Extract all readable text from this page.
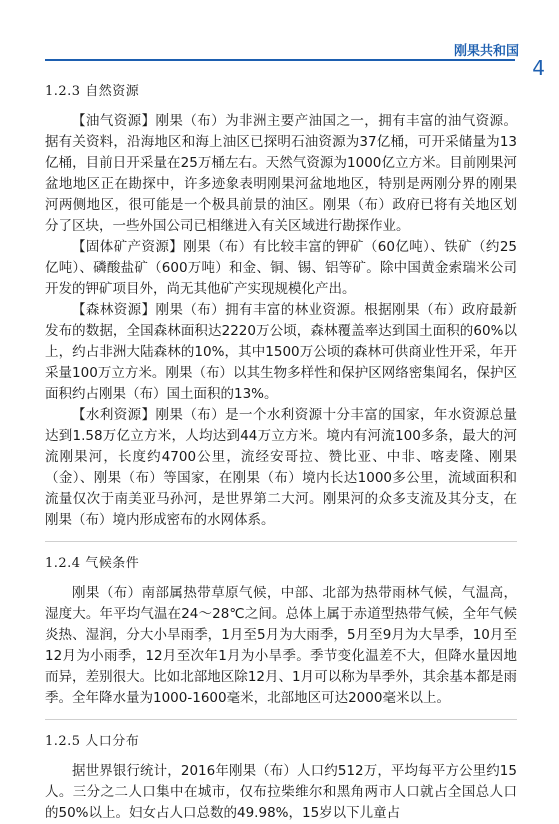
刚果共和国
4
1.2.3 自然资源

【油气资源】刚果（布）为非洲主要产油国之一，拥有丰富的油气资源。据有关资料，沿海地区和海上油区已探明石油资源为37亿桶，可开采储量为13亿桶，目前日开采量在25万桶左右。天然气资源为1000亿立方米。目前刚果河盆地地区正在勘探中，许多迹象表明刚果河盆地地区，特别是两刚分界的刚果河两侧地区，很可能是一个极具前景的油区。刚果（布）政府已将有关地区划分了区块，一些外国公司已相继进入有关区域进行勘探作业。

【固体矿产资源】刚果（布）有比较丰富的钾矿（60亿吨）、铁矿（约25亿吨）、磷酸盐矿（600万吨）和金、铜、锡、铝等矿。除中国黄金索瑞米公司开发的钾矿项目外，尚无其他矿产实现规模化产出。

【森林资源】刚果（布）拥有丰富的林业资源。根据刚果（布）政府最新发布的数据，全国森林面积达2220万公顷，森林覆盖率达到国土面积的60%以上，约占非洲大陆森林的10%，其中1500万公顷的森林可供商业性开采，年开采量100万立方米。刚果（布）以其生物多样性和保护区网络密集闻名，保护区面积约占刚果（布）国土面积的13%。

【水利资源】刚果（布）是一个水利资源十分丰富的国家，年水资源总量达到1.58万亿立方米，人均达到44万立方米。境内有河流100多条，最大的河流刚果河，长度约4700公里，流经安哥拉、赞比亚、中非、喀麦隆、刚果（金）、刚果（布）等国家，在刚果（布）境内长达1000多公里，流域面积和流量仅次于南美亚马孙河，是世界第二大河。刚果河的众多支流及其分支，在刚果（布）境内形成密布的水网体系。

1.2.4 气候条件

刚果（布）南部属热带草原气候，中部、北部为热带雨林气候，气温高，湿度大。年平均气温在24～28℃之间。总体上属于赤道型热带气候，全年气候炎热、湿润，分大小旱雨季，1月至5月为大雨季，5月至9月为大旱季，10月至12月为小雨季，12月至次年1月为小旱季。季节变化温差不大，但降水量因地而异，差别很大。比如北部地区除12月、1月可以称为旱季外，其余基本都是雨季。全年降水量为1000-1600毫米，北部地区可达2000毫米以上。

1.2.5 人口分布

据世界银行统计，2016年刚果（布）人口约512万，平均每平方公里约15人。三分之二人口集中在城市，仅布拉柴维尔和黑角两市人口就占全国总人口的50%以上。妇女占人口总数的49.98%，15岁以下儿童占
